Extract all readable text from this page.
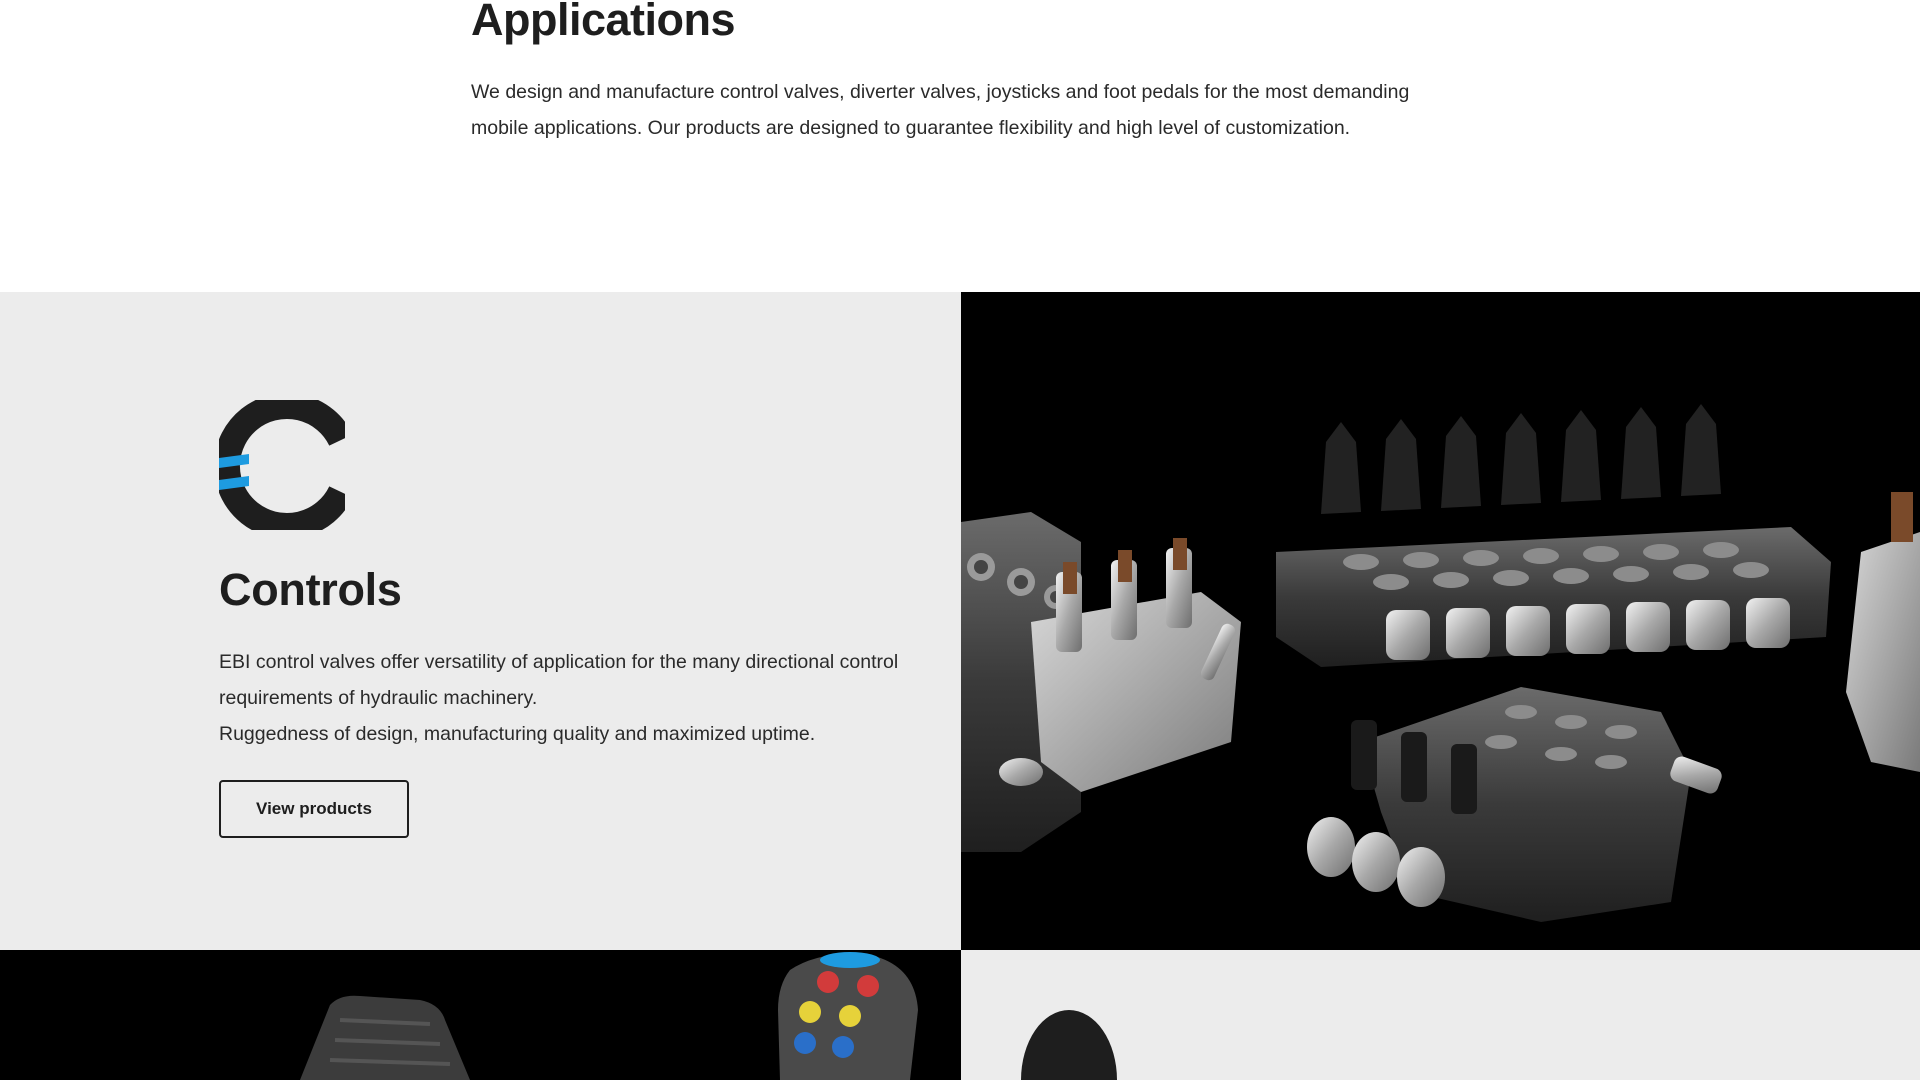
Applications

We design and manufacture control valves, diverter valves, joysticks and foot pedals for the most demanding mobile applications. Our products are designed to guarantee flexibility and high level of customization.

Controls

EBI control valves offer versatility of application for the many directional control requirements of hydraulic machinery.
Ruggedness of design, manufacturing quality and maximized uptime.

View products
